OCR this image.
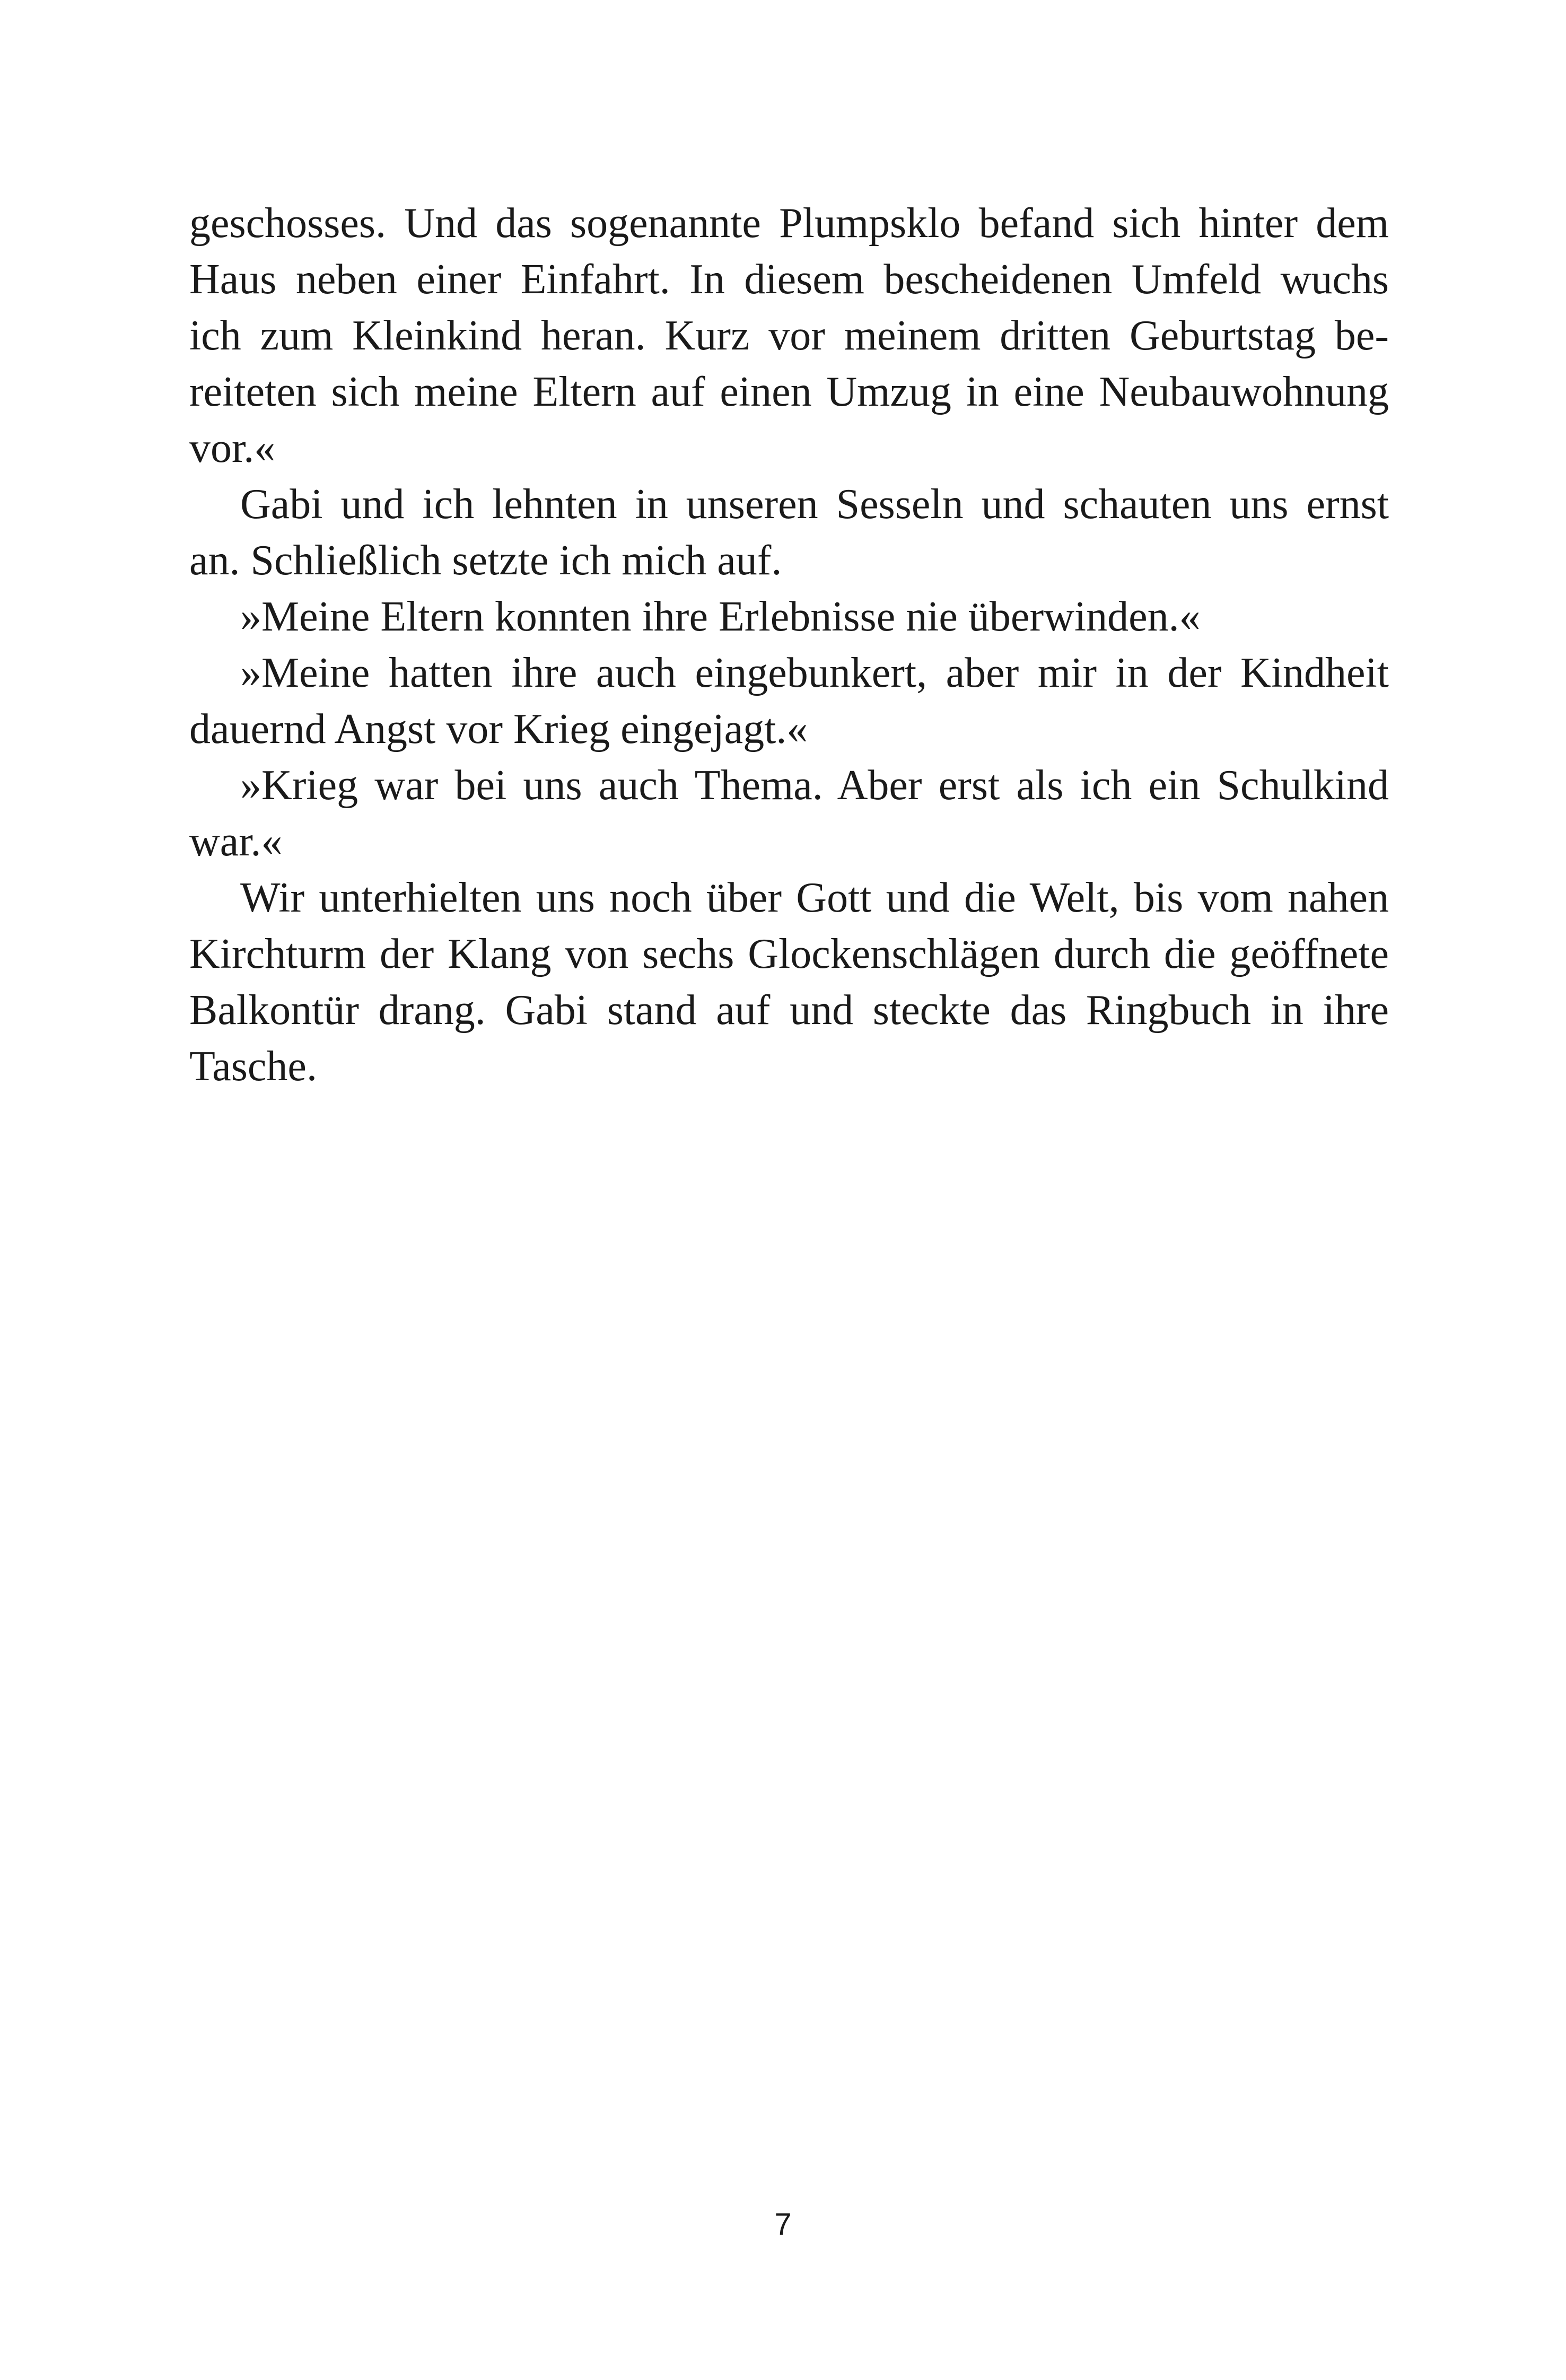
geschosses. Und das sogenannte Plumpsklo befand sich hinter dem
Haus neben einer Einfahrt. In diesem bescheidenen Umfeld wuchs
ich zum Kleinkind heran. Kurz vor meinem dritten Geburtstag be-
reiteten sich meine Eltern auf einen Umzug in eine Neubauwohnung
vor.«
Gabi und ich lehnten in unseren Sesseln und schauten uns ernst
an. Schließlich setzte ich mich auf.
»Meine Eltern konnten ihre Erlebnisse nie überwinden.«
»Meine hatten ihre auch eingebunkert, aber mir in der Kindheit
dauernd Angst vor Krieg eingejagt.«
»Krieg war bei uns auch Thema. Aber erst als ich ein Schulkind
war.«
Wir unterhielten uns noch über Gott und die Welt, bis vom nahen
Kirchturm der Klang von sechs Glockenschlägen durch die geöffnete
Balkontür drang. Gabi stand auf und steckte das Ringbuch in ihre
Tasche.
7
